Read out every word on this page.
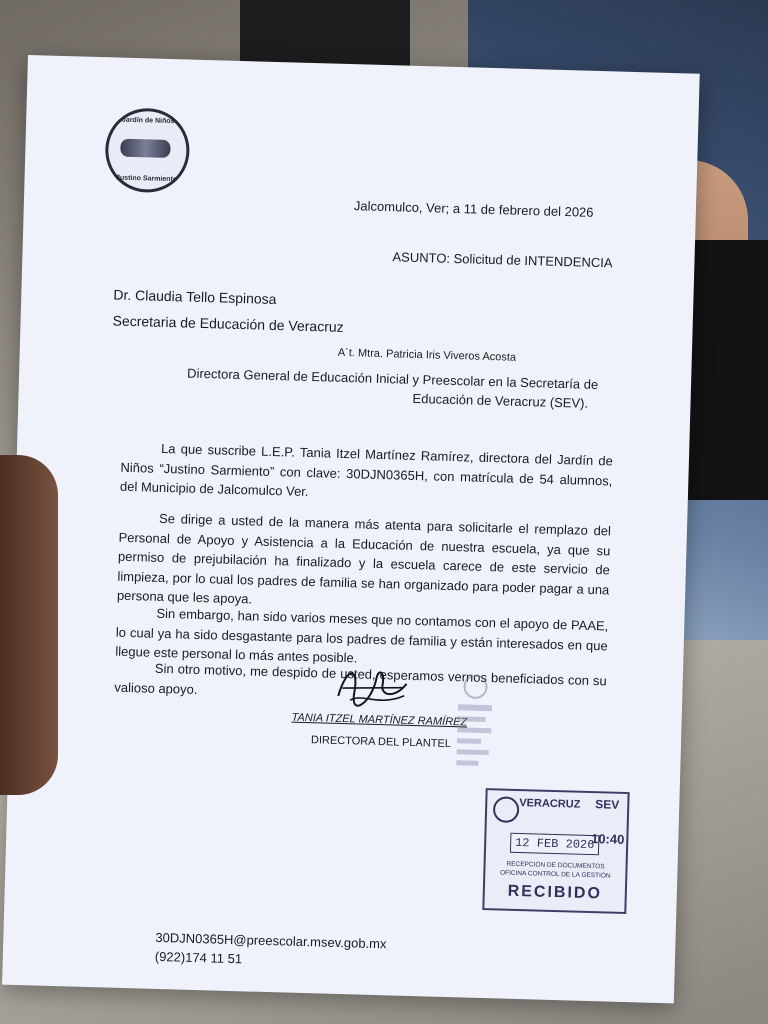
Jardín de Niños
Justino Sarmiento
Jalcomulco, Ver; a 11 de febrero del 2026
ASUNTO: Solicitud de INTENDENCIA
Dr. Claudia Tello Espinosa
Secretaria de Educación de Veracruz
A´t. Mtra. Patricia Iris Viveros Acosta
Directora General de Educación Inicial y Preescolar en la Secretaría de
Educación de Veracruz (SEV).
La que suscribe L.E.P. Tania Itzel Martínez Ramírez, directora del Jardín de Niños “Justino Sarmiento” con clave: 30DJN0365H, con matrícula de 54 alumnos, del Municipio de Jalcomulco Ver.
Se dirige a usted de la manera más atenta para solicitarle el remplazo del Personal de Apoyo y Asistencia a la Educación de nuestra escuela, ya que su permiso de prejubilación ha finalizado y la escuela carece de este servicio de limpieza, por lo cual los padres de familia se han organizado para poder pagar a una persona que les apoya.
Sin embargo, han sido varios meses que no contamos con el apoyo de PAAE, lo cual ya ha sido desgastante para los padres de familia y están interesados en que llegue este personal lo más antes posible.
Sin otro motivo, me despido de usted, esperamos vernos beneficiados con su valioso apoyo.
TANIA ITZEL MARTÍNEZ RAMÍREZ
DIRECTORA DEL PLANTEL
VERACRUZ SEV
12 FEB 2026
10:40
RECEPCIÓN DE DOCUMENTOS
OFICINA CONTROL DE LA GESTIÓN
RECIBIDO
30DJN0365H@preescolar.msev.gob.mx
(922)174 11 51
